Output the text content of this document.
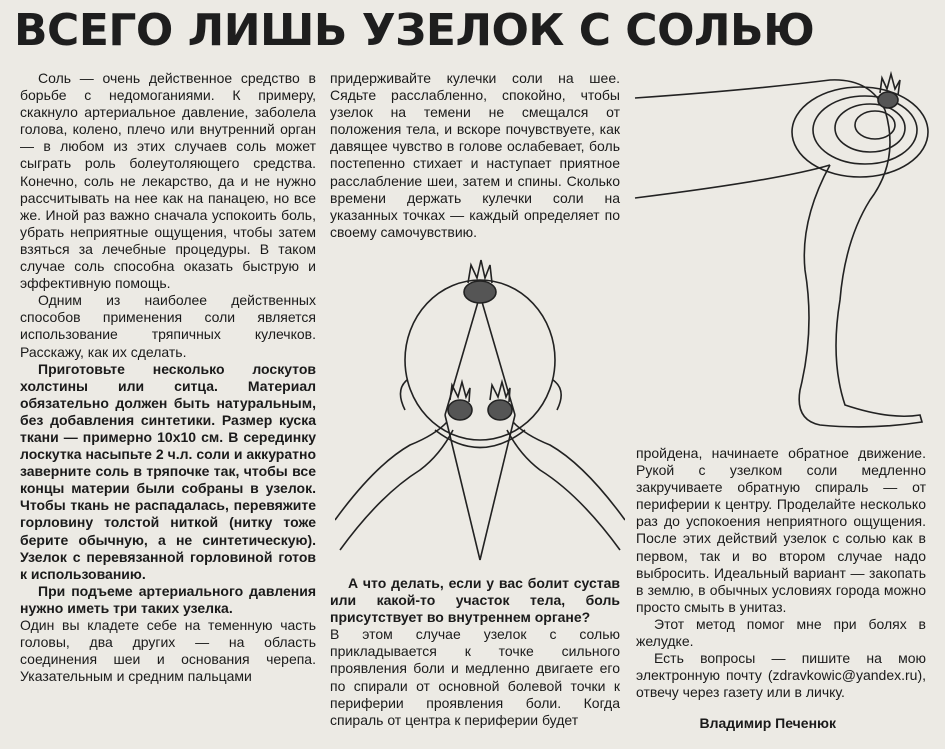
ВСЕГО ЛИШЬ УЗЕЛОК С СОЛЬЮ

Соль — очень действенное средство в борьбе с недомоганиями. К примеру, скакнуло артериальное давление, заболела голова, колено, плечо или внутренний орган — в любом из этих случаев соль может сыграть роль болеутоляющего средства. Конечно, соль не лекарство, да и не нужно рассчитывать на нее как на панацею, но все же. Иной раз важно сначала успокоить боль, убрать неприятные ощущения, чтобы затем взяться за лечебные процедуры. В таком случае соль способна оказать быструю и эффективную помощь.

Одним из наиболее действенных способов применения соли является использование тряпичных кулечков. Расскажу, как их сделать.

Приготовьте несколько лоскутов холстины или ситца. Материал обязательно должен быть натуральным, без добавления синтетики. Размер куска ткани — примерно 10х10 см. В серединку лоскутка насыпьте 2 ч.л. соли и аккуратно заверните соль в тряпочке так, чтобы все концы материи были собраны в узелок. Чтобы ткань не распадалась, перевяжите горловину толстой ниткой (нитку тоже берите обычную, а не синтетическую). Узелок с перевязанной горловиной готов к использованию.

При подъеме артериального давления нужно иметь три таких узелка.

Один вы кладете себе на теменную часть головы, два других — на область соединения шеи и основания черепа. Указательным и средним пальцами

придерживайте кулечки соли на шее. Сядьте расслабленно, спокойно, чтобы узелок на темени не смещался от положения тела, и вскоре почувствуете, как давящее чувство в голове ослабевает, боль постепенно стихает и наступает приятное расслабление шеи, затем и спины. Сколько времени держать кулечки соли на указанных точках — каждый определяет по своему самочувствию.

А что делать, если у вас болит сустав или какой-то участок тела, боль присутствует во внутреннем органе?

В этом случае узелок с солью прикладывается к точке сильного проявления боли и медленно двигаете его по спирали от основной болевой точки к периферии проявления боли. Когда спираль от центра к периферии будет

пройдена, начинаете обратное движение. Рукой с узелком соли медленно закручиваете обратную спираль — от периферии к центру. Проделайте несколько раз до успокоения неприятного ощущения. После этих действий узелок с солью как в первом, так и во втором случае надо выбросить. Идеальный вариант — закопать в землю, в обычных условиях города можно просто смыть в унитаз.

Этот метод помог мне при болях в желудке.

Есть вопросы — пишите на мою электронную почту (zdravkowic@yandex.ru), отвечу через газету или в личку.

Владимир Печенюк
